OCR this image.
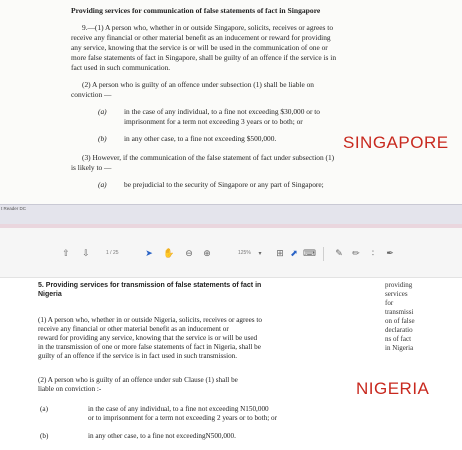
Providing services for communication of false statements of fact in Singapore
9.—(1) A person who, whether in or outside Singapore, solicits, receives or agrees to
receive any financial or other material benefit as an inducement or reward for providing
any service, knowing that the service is or will be used in the communication of one or
more false statements of fact in Singapore, shall be guilty of an offence if the service is in
fact used in such communication.
(2) A person who is guilty of an offence under subsection (1) shall be liable on
conviction —
(a) in the case of any individual, to a fine not exceeding $30,000 or to
imprisonment for a term not exceeding 3 years or to both; or
(b) in any other case, to a fine not exceeding $500,000.	SINGAPORE
(3) However, if the communication of the false statement of fact under subsection (1)
is likely to —
(a) be prejudicial to the security of Singapore or any part of Singapore;
t Reader DC
⇧ ⇩	1 / 25	➤ ✋ ⊖ ⊕	125%	▾ ⊞ ⬈ ⌨ ✎ ✏	∶	✒
5. Providing services for transmission of false statements of fact in
Nigeria
(1) A person who, whether in or outside Nigeria, solicits, receives or agrees to
receive any financial or other material benefit as an inducement or
reward for providing any service, knowing that the service is or will be used
in the transmission of one or more false statements of fact in Nigeria, shall be
guilty of an offence if the service is in fact used in such transmission.
(2) A person who is guilty of an offence under sub Clause (1) shall be
liable on conviction :-
(a)	in the case of any individual, to a fine not exceeding N150,000
or to imprisonment for a term not exceeding 2 years or to both; or
(b)	in any other case, to a fine not exceedingN500,000.
providing
services
for
transmissi
on of false
declaratio
ns of fact
in Nigeria
NIGERIA
